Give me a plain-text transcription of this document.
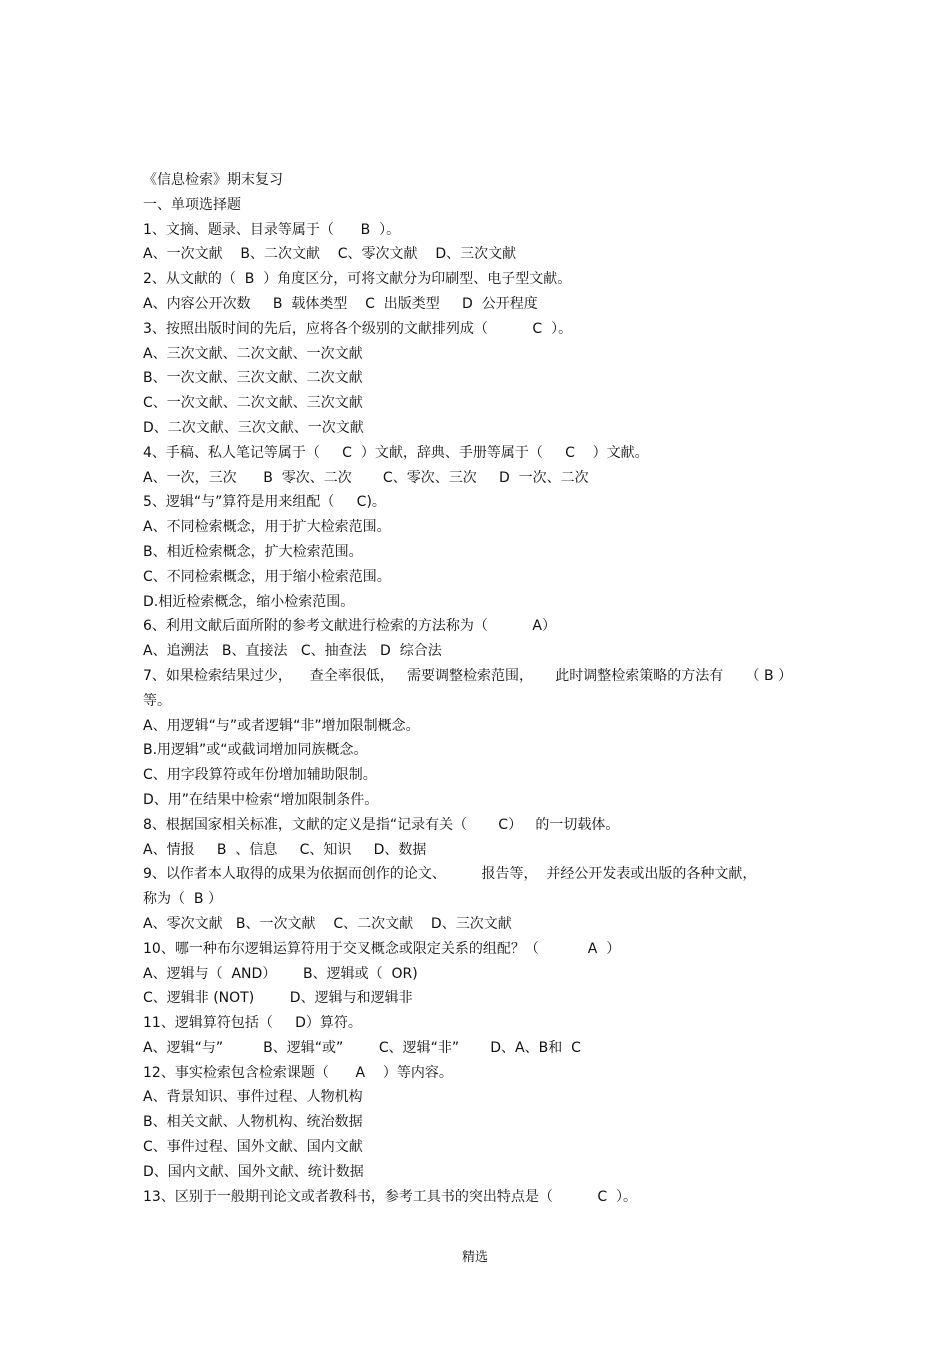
《信息检索》期末复习
一、单项选择题
1、文摘、题录、目录等属于（      B  ）。
A、一次文献    B、二次文献    C、零次文献    D、三次文献
2、从文献的（  B  ）角度区分，可将文献分为印刷型、电子型文献。
A、内容公开次数     B  载体类型    C  出版类型     D  公开程度
3、按照出版时间的先后，应将各个级别的文献排列成（          C  ）。
A、三次文献、二次文献、一次文献
B、一次文献、三次文献、二次文献
C、一次文献、二次文献、三次文献
D、二次文献、三次文献、一次文献
4、手稿、私人笔记等属于（     C  ）文献，辞典、手册等属于（     C    ）文献。
A、一次，三次      B  零次、二次       C、零次、三次     D  一次、二次
5、逻辑“与”算符是用来组配（     C)。
A、不同检索概念，用于扩大检索范围。
B、相近检索概念，扩大检索范围。
C、不同检索概念，用于缩小检索范围。
D.相近检索概念，缩小检索范围。
6、利用文献后面所附的参考文献进行检索的方法称为（          A）
A、追溯法   B、直接法   C、抽查法   D  综合法
7、如果检索结果过少，    查全率很低，   需要调整检索范围，     此时调整检索策略的方法有     （ B ）
等。
A、用逻辑“与”或者逻辑“非”增加限制概念。
B.用逻辑”或“或截词增加同族概念。
C、用字段算符或年份增加辅助限制。
D、用”在结果中检索“增加限制条件。
8、根据国家相关标准，文献的定义是指“记录有关（       C）   的一切载体。
A、情报     B  、信息     C、知识     D、数据
9、以作者本人取得的成果为依据而创作的论文、        报告等，  并经公开发表或出版的各种文献，
称为（  B ）
A、零次文献   B、一次文献    C、二次文献    D、三次文献
10、哪一种布尔逻辑运算符用于交叉概念或限定关系的组配？（           A  ）
A、逻辑与（  AND）      B、逻辑或（  OR)
C、逻辑非 (NOT)        D、逻辑与和逻辑非
11、逻辑算符包括（     D）算符。
A、逻辑“与”         B、逻辑“或”        C、逻辑“非”       D、A、B和  C
12、事实检索包含检索课题（      A    ）等内容。
A、背景知识、事件过程、人物机构
B、相关文献、人物机构、统治数据
C、事件过程、国外文献、国内文献
D、国内文献、国外文献、统计数据
13、区别于一般期刊论文或者教科书，参考工具书的突出特点是（          C  ）。
精选
